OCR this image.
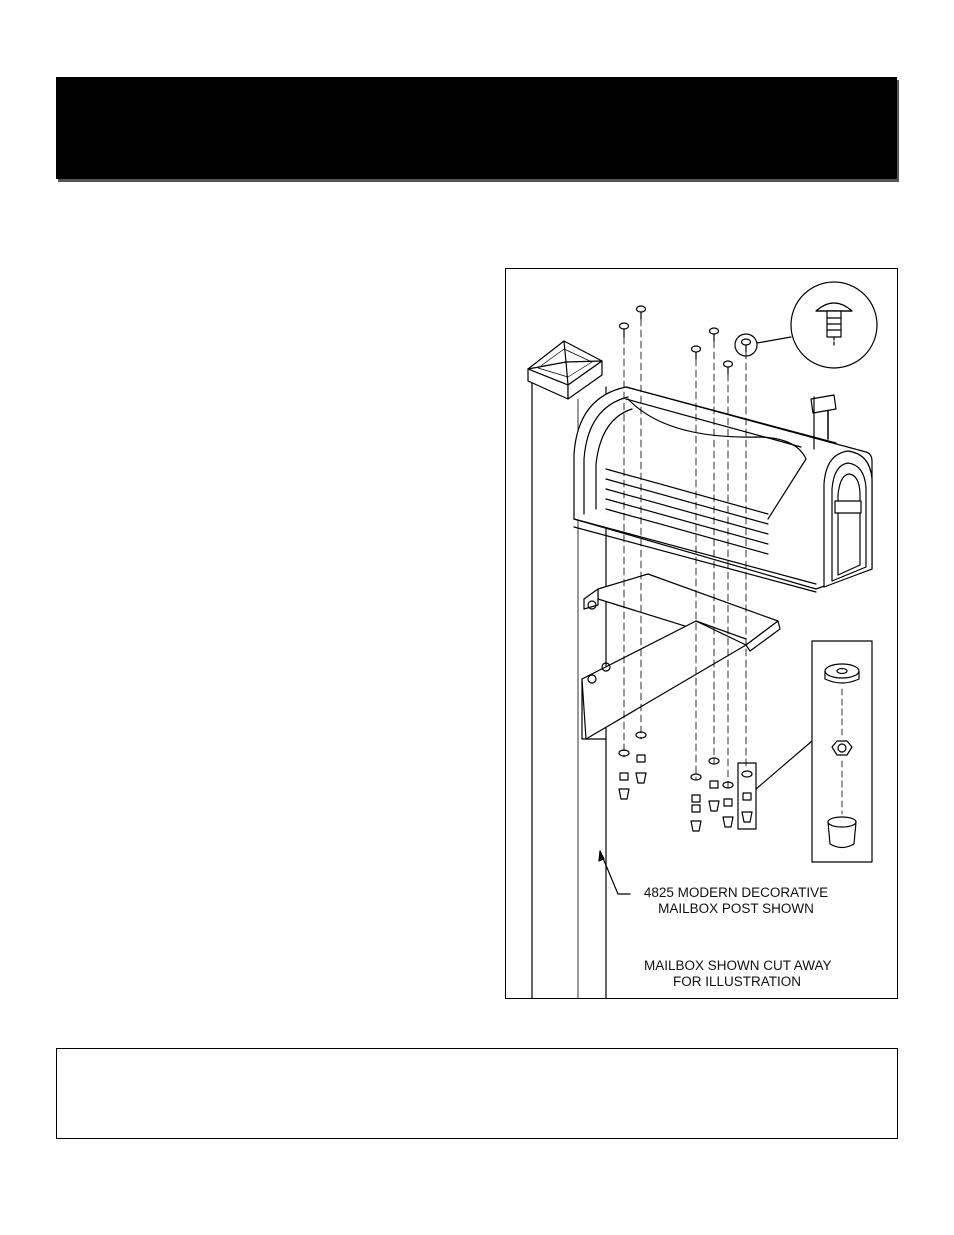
4825 MODERN DECORATIVE
MAILBOX POST SHOWN
MAILBOX SHOWN CUT AWAY
FOR ILLUSTRATION
